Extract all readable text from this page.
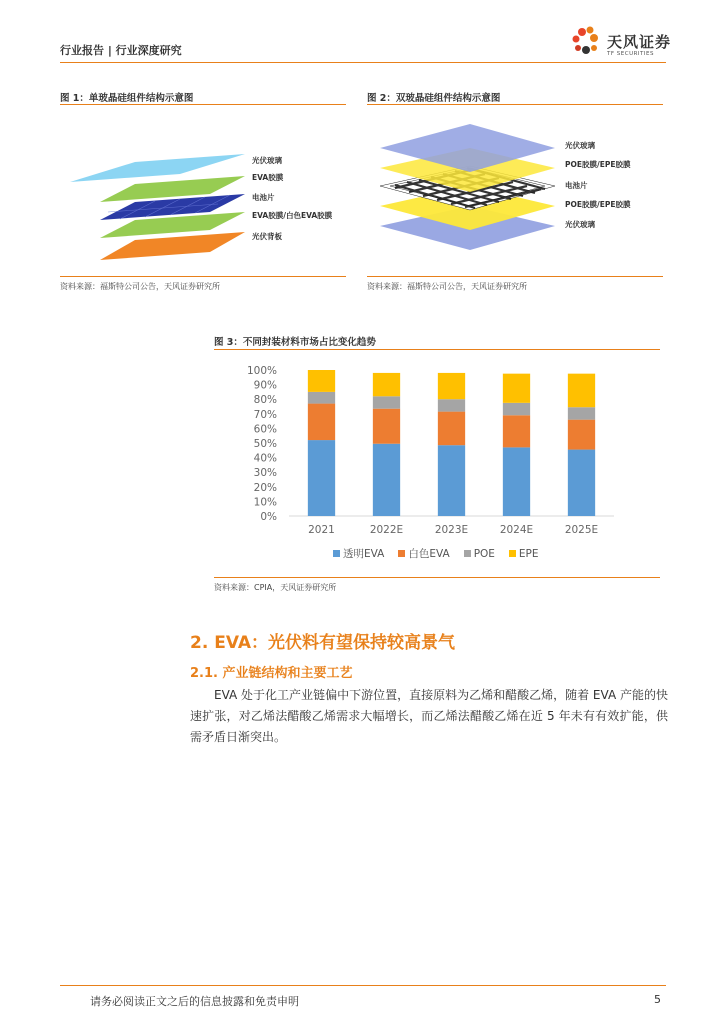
行业报告 | 行业深度研究	天风证券
TF SECURITIES
图 1：单玻晶硅组件结构示意图
光伏玻璃
EVA胶膜
电池片
EVA胶膜/白色EVA胶膜
光伏背板
资料来源：福斯特公司公告，天风证券研究所
图 2：双玻晶硅组件结构示意图
光伏玻璃
POE胶膜/EPE胶膜
电池片
POE胶膜/EPE胶膜
光伏玻璃
资料来源：福斯特公司公告，天风证券研究所
图 3：不同封装材料市场占比变化趋势
0%
10%
20%
30%
40%
50%
60%
70%
80%
90%
100%
2021	2022E	2023E	2024E	2025E
透明EVA 白色EVA POE EPE
资料来源：CPIA，天风证券研究所
2. EVA：光伏料有望保持较高景气
2.1. 产业链结构和主要工艺
EVA 处于化工产业链偏中下游位置，直接原料为乙烯和醋酸乙烯，随着 EVA 产能的快速扩张，对乙烯法醋酸乙烯需求大幅增长，而乙烯法醋酸乙烯在近 5 年未有有效扩能，供需矛盾日渐突出。
请务必阅读正文之后的信息披露和免责申明	5
